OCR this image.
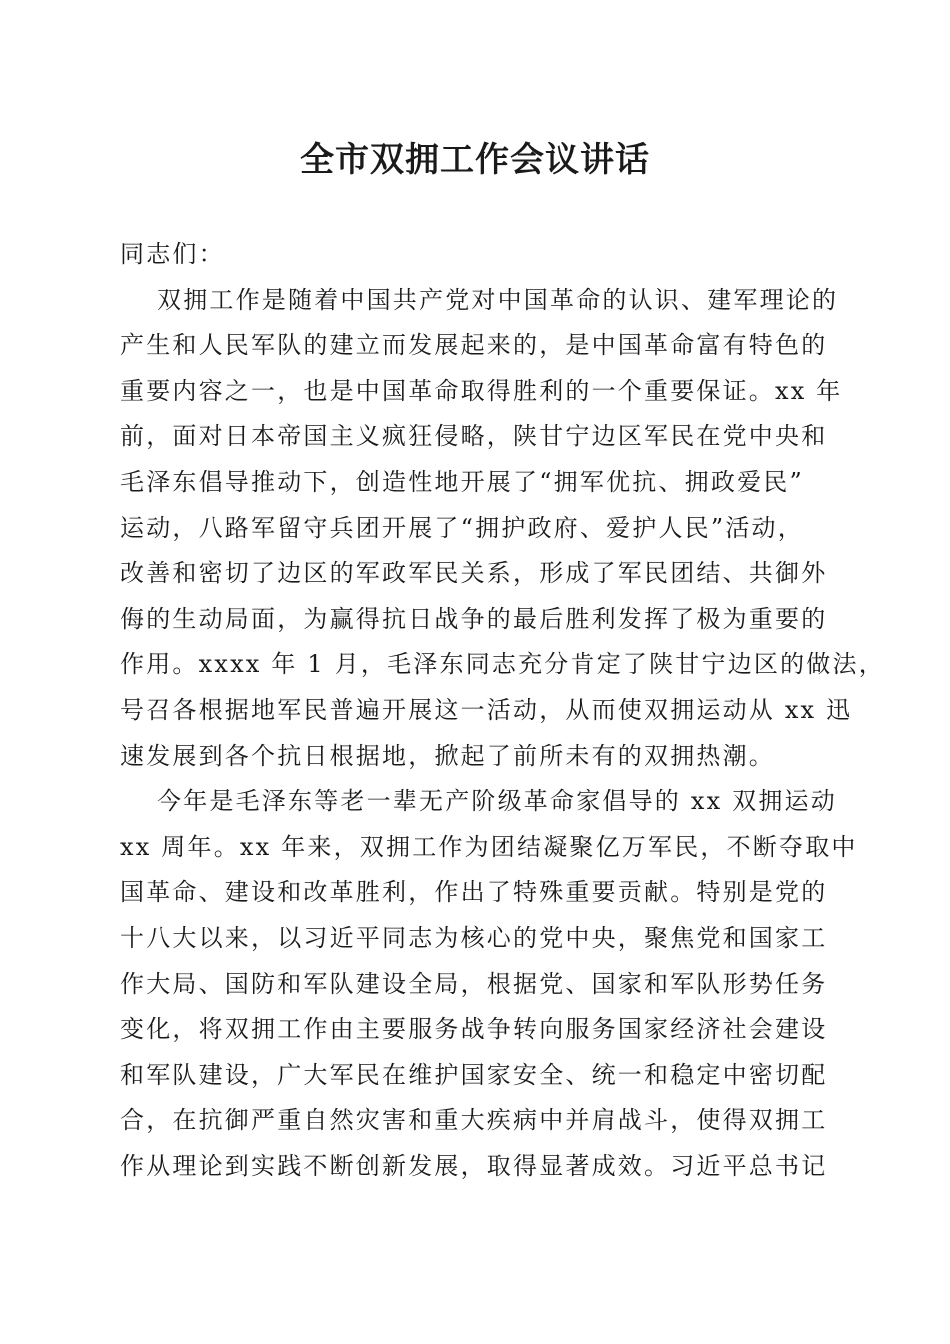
全市双拥工作会议讲话

同志们：

双拥工作是随着中国共产党对中国革命的认识、建军理论的

产生和人民军队的建立而发展起来的，是中国革命富有特色的

重要内容之一，也是中国革命取得胜利的一个重要保证。xx 年

前，面对日本帝国主义疯狂侵略，陕甘宁边区军民在党中央和

毛泽东倡导推动下，创造性地开展了“拥军优抗、拥政爱民”

运动，八路军留守兵团开展了“拥护政府、爱护人民”活动，

改善和密切了边区的军政军民关系，形成了军民团结、共御外

侮的生动局面，为赢得抗日战争的最后胜利发挥了极为重要的

作用。xxxx 年 1 月，毛泽东同志充分肯定了陕甘宁边区的做法，

号召各根据地军民普遍开展这一活动，从而使双拥运动从 xx 迅

速发展到各个抗日根据地，掀起了前所未有的双拥热潮。

今年是毛泽东等老一辈无产阶级革命家倡导的 xx 双拥运动

xx 周年。xx 年来，双拥工作为团结凝聚亿万军民，不断夺取中

国革命、建设和改革胜利，作出了特殊重要贡献。特别是党的

十八大以来，以习近平同志为核心的党中央，聚焦党和国家工

作大局、国防和军队建设全局，根据党、国家和军队形势任务

变化，将双拥工作由主要服务战争转向服务国家经济社会建设

和军队建设，广大军民在维护国家安全、统一和稳定中密切配

合，在抗御严重自然灾害和重大疾病中并肩战斗，使得双拥工

作从理论到实践不断创新发展，取得显著成效。习近平总书记
